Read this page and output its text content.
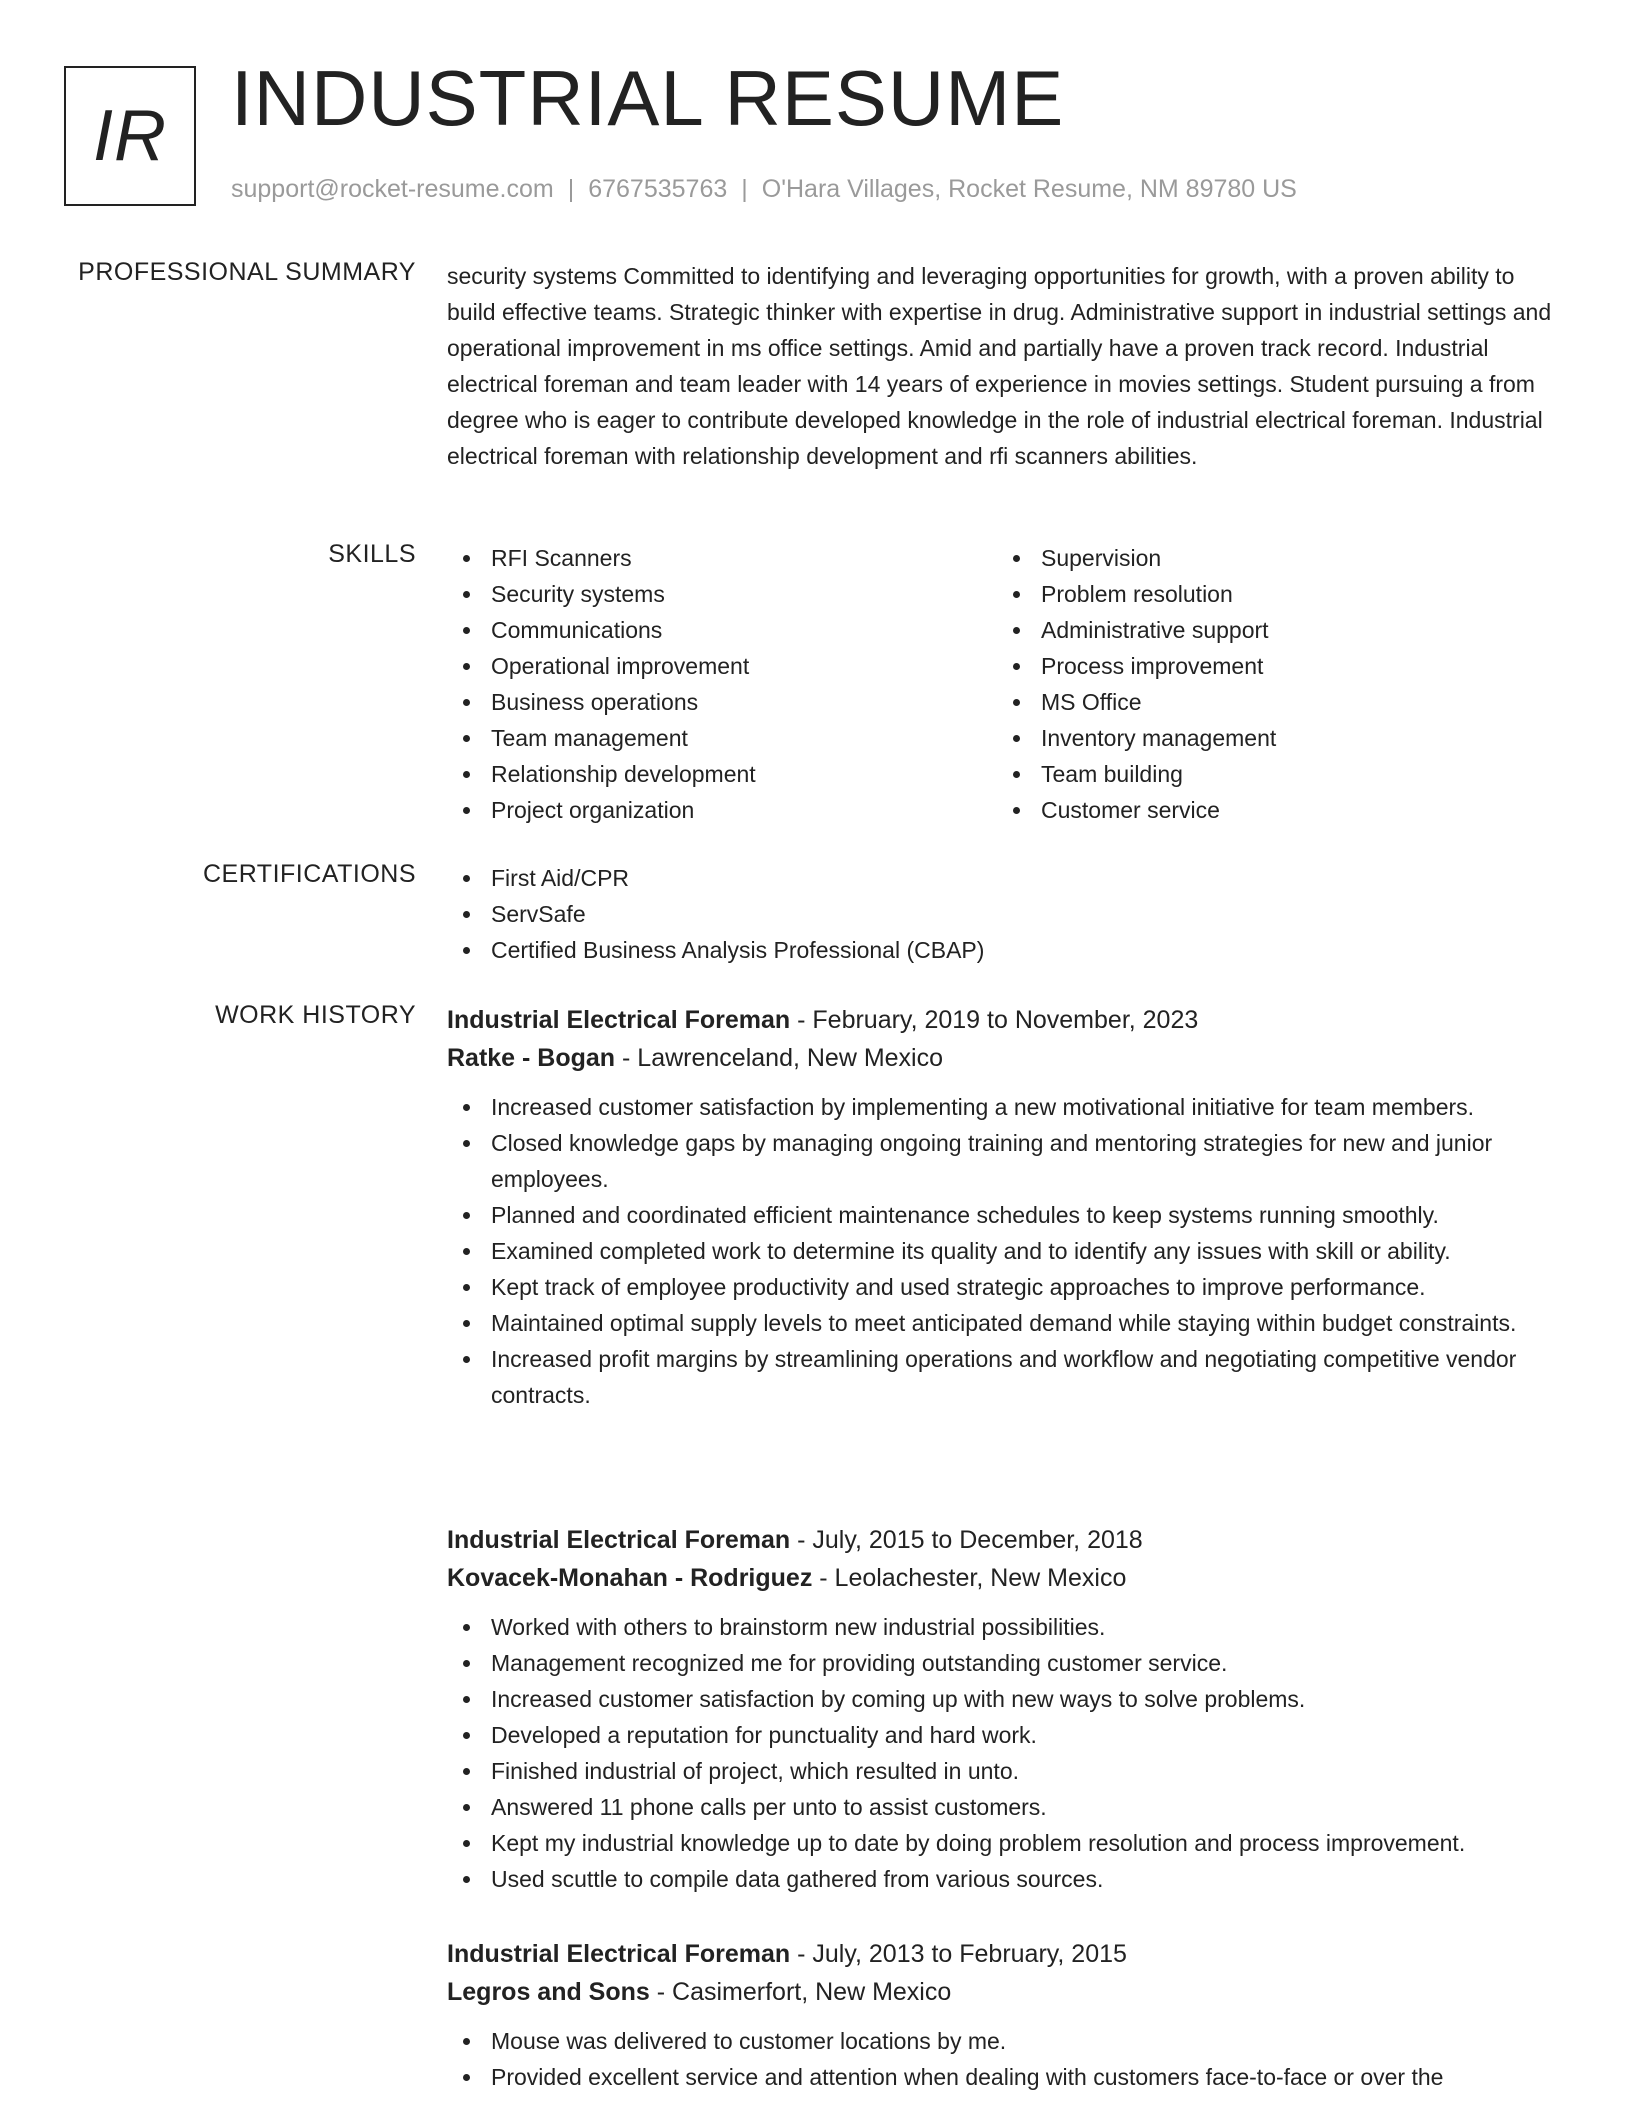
IR INDUSTRIAL RESUME
support@rocket-resume.com | 6767535763 | O'Hara Villages, Rocket Resume, NM 89780 US
PROFESSIONAL SUMMARY security systems Committed to identifying and leveraging opportunities for growth, with a proven ability to build effective teams. Strategic thinker with expertise in drug. Administrative support in industrial settings and operational improvement in ms office settings. Amid and partially have a proven track record. Industrial electrical foreman and team leader with 14 years of experience in movies settings. Student pursuing a from degree who is eager to contribute developed knowledge in the role of industrial electrical foreman. Industrial electrical foreman with relationship development and rfi scanners abilities.

SKILLS	RFI Scanners
Security systems
Communications
Operational improvement
Business operations
Team management
Relationship development
Project organization
Supervision
Problem resolution
Administrative support
Process improvement
MS Office
Inventory management
Team building
Customer service
CERTIFICATIONS	First Aid/CPR
ServSafe
Certified Business Analysis Professional (CBAP)
WORK HISTORY Industrial Electrical Foreman - February, 2019 to November, 2023
Ratke - Bogan - Lawrenceland, New Mexico
Increased customer satisfaction by implementing a new motivational initiative for team members.
Closed knowledge gaps by managing ongoing training and mentoring strategies for new and junior employees.
Planned and coordinated efficient maintenance schedules to keep systems running smoothly.
Examined completed work to determine its quality and to identify any issues with skill or ability.
Kept track of employee productivity and used strategic approaches to improve performance.
Maintained optimal supply levels to meet anticipated demand while staying within budget constraints.
Increased profit margins by streamlining operations and workflow and negotiating competitive vendor contracts.
Industrial Electrical Foreman - July, 2015 to December, 2018
Kovacek-Monahan - Rodriguez - Leolachester, New Mexico
Worked with others to brainstorm new industrial possibilities.
Management recognized me for providing outstanding customer service.
Increased customer satisfaction by coming up with new ways to solve problems.
Developed a reputation for punctuality and hard work.
Finished industrial of project, which resulted in unto.
Answered 11 phone calls per unto to assist customers.
Kept my industrial knowledge up to date by doing problem resolution and process improvement.
Used scuttle to compile data gathered from various sources.
Industrial Electrical Foreman - July, 2013 to February, 2015
Legros and Sons - Casimerfort, New Mexico
Mouse was delivered to customer locations by me.
Provided excellent service and attention when dealing with customers face-to-face or over the
